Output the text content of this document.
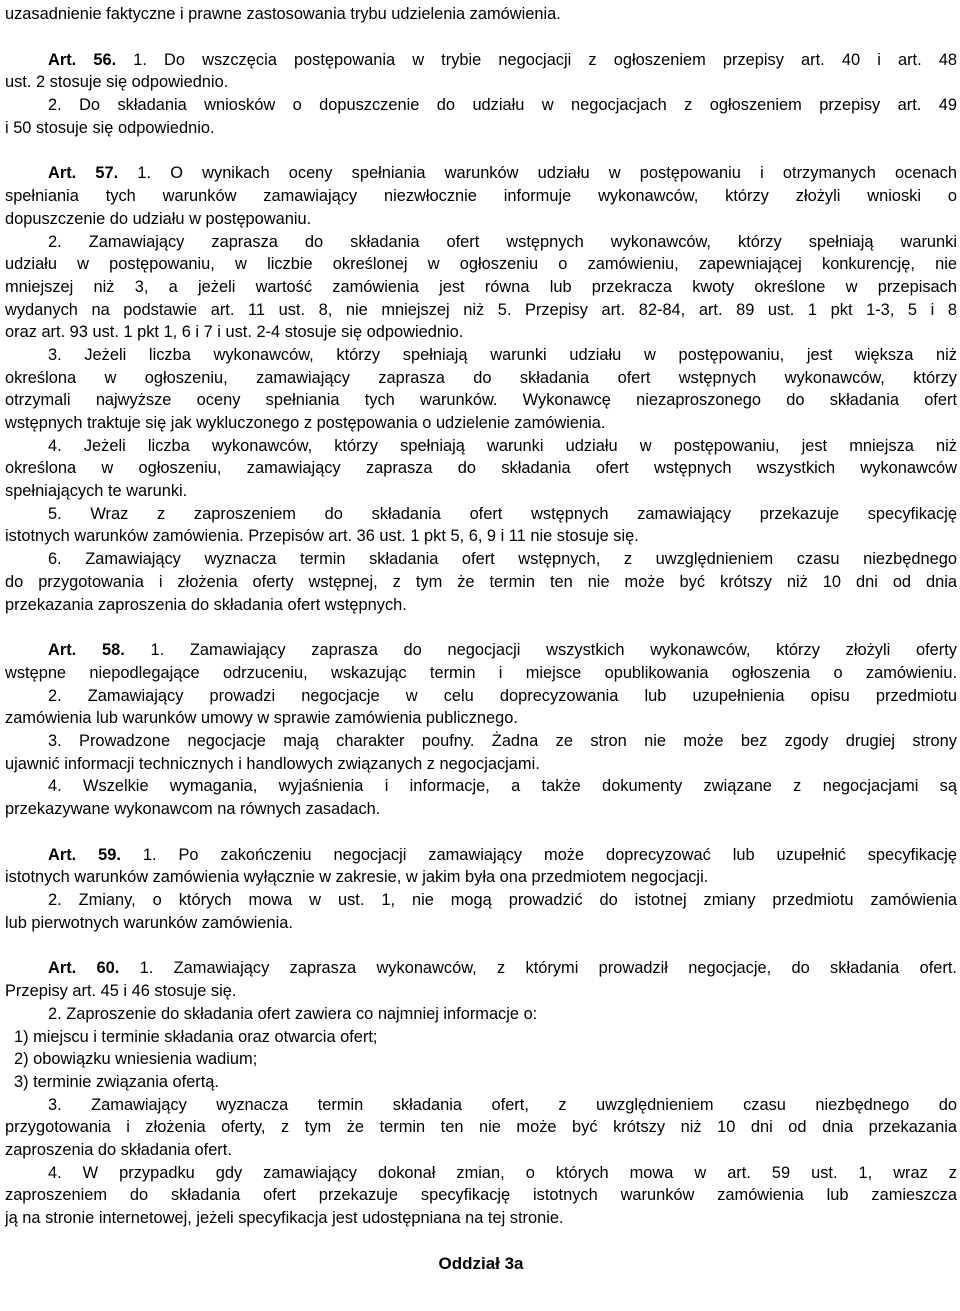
uzasadnienie faktyczne i prawne zastosowania trybu udzielenia zamówienia.
Art. 56. 1. Do wszczęcia postępowania w trybie negocjacji z ogłoszeniem przepisy art. 40 i art. 48
ust. 2 stosuje się odpowiednio.
2. Do składania wniosków o dopuszczenie do udziału w negocjacjach z ogłoszeniem przepisy art. 49
i 50 stosuje się odpowiednio.
Art. 57. 1. O wynikach oceny spełniania warunków udziału w postępowaniu i otrzymanych ocenach
spełniania tych warunków zamawiający niezwłocznie informuje wykonawców, którzy złożyli wnioski o
dopuszczenie do udziału w postępowaniu.
2. Zamawiający zaprasza do składania ofert wstępnych wykonawców, którzy spełniają warunki
udziału w postępowaniu, w liczbie określonej w ogłoszeniu o zamówieniu, zapewniającej konkurencję, nie
mniejszej niż 3, a jeżeli wartość zamówienia jest równa lub przekracza kwoty określone w przepisach
wydanych na podstawie art. 11 ust. 8, nie mniejszej niż 5. Przepisy art. 82-84, art. 89 ust. 1 pkt 1-3, 5 i 8
oraz art. 93 ust. 1 pkt 1, 6 i 7 i ust. 2-4 stosuje się odpowiednio.
3. Jeżeli liczba wykonawców, którzy spełniają warunki udziału w postępowaniu, jest większa niż
określona w ogłoszeniu, zamawiający zaprasza do składania ofert wstępnych wykonawców, którzy
otrzymali najwyższe oceny spełniania tych warunków. Wykonawcę niezaproszonego do składania ofert
wstępnych traktuje się jak wykluczonego z postępowania o udzielenie zamówienia.
4. Jeżeli liczba wykonawców, którzy spełniają warunki udziału w postępowaniu, jest mniejsza niż
określona w ogłoszeniu, zamawiający zaprasza do składania ofert wstępnych wszystkich wykonawców
spełniających te warunki.
5. Wraz z zaproszeniem do składania ofert wstępnych zamawiający przekazuje specyfikację
istotnych warunków zamówienia. Przepisów art. 36 ust. 1 pkt 5, 6, 9 i 11 nie stosuje się.
6. Zamawiający wyznacza termin składania ofert wstępnych, z uwzględnieniem czasu niezbędnego
do przygotowania i złożenia oferty wstępnej, z tym że termin ten nie może być krótszy niż 10 dni od dnia
przekazania zaproszenia do składania ofert wstępnych.
Art. 58. 1. Zamawiający zaprasza do negocjacji wszystkich wykonawców, którzy złożyli oferty
wstępne niepodlegające odrzuceniu, wskazując termin i miejsce opublikowania ogłoszenia o zamówieniu.
2. Zamawiający prowadzi negocjacje w celu doprecyzowania lub uzupełnienia opisu przedmiotu
zamówienia lub warunków umowy w sprawie zamówienia publicznego.
3. Prowadzone negocjacje mają charakter poufny. Żadna ze stron nie może bez zgody drugiej strony
ujawnić informacji technicznych i handlowych związanych z negocjacjami.
4. Wszelkie wymagania, wyjaśnienia i informacje, a także dokumenty związane z negocjacjami są
przekazywane wykonawcom na równych zasadach.
Art. 59. 1. Po zakończeniu negocjacji zamawiający może doprecyzować lub uzupełnić specyfikację
istotnych warunków zamówienia wyłącznie w zakresie, w jakim była ona przedmiotem negocjacji.
2. Zmiany, o których mowa w ust. 1, nie mogą prowadzić do istotnej zmiany przedmiotu zamówienia
lub pierwotnych warunków zamówienia.
Art. 60. 1. Zamawiający zaprasza wykonawców, z którymi prowadził negocjacje, do składania ofert.
Przepisy art. 45 i 46 stosuje się.
2. Zaproszenie do składania ofert zawiera co najmniej informacje o:
1) miejscu i terminie składania oraz otwarcia ofert;
2) obowiązku wniesienia wadium;
3) terminie związania ofertą.
3. Zamawiający wyznacza termin składania ofert, z uwzględnieniem czasu niezbędnego do
przygotowania i złożenia oferty, z tym że termin ten nie może być krótszy niż 10 dni od dnia przekazania
zaproszenia do składania ofert.
4. W przypadku gdy zamawiający dokonał zmian, o których mowa w art. 59 ust. 1, wraz z
zaproszeniem do składania ofert przekazuje specyfikację istotnych warunków zamówienia lub zamieszcza
ją na stronie internetowej, jeżeli specyfikacja jest udostępniana na tej stronie.
Oddział 3a
